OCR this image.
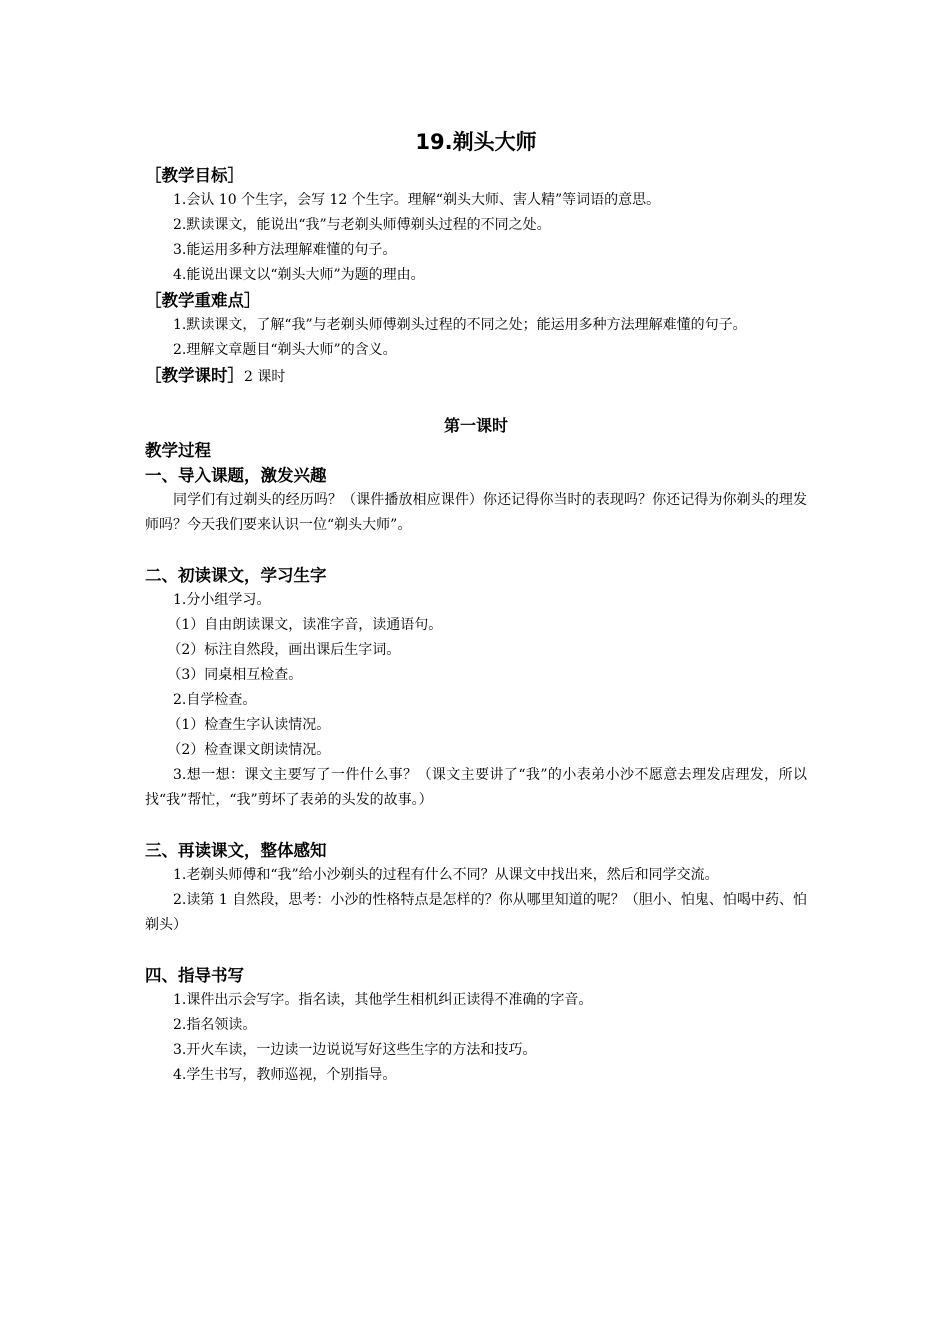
19.剃头大师
［教学目标］
1.会认 10 个生字，会写 12 个生字。理解“剃头大师、害人精”等词语的意思。
2.默读课文，能说出“我”与老剃头师傅剃头过程的不同之处。
3.能运用多种方法理解难懂的句子。
4.能说出课文以“剃头大师”为题的理由。
［教学重难点］
1.默读课文，了解“我”与老剃头师傅剃头过程的不同之处；能运用多种方法理解难懂的句子。
2.理解文章题目“剃头大师”的含义。
［教学课时］2 课时
第一课时
教学过程
一、导入课题，激发兴趣
同学们有过剃头的经历吗？（课件播放相应课件）你还记得你当时的表现吗？你还记得为你剃头的理发师吗？今天我们要来认识一位“剃头大师”。
二、初读课文，学习生字
1.分小组学习。
（1）自由朗读课文，读准字音，读通语句。
（2）标注自然段，画出课后生字词。
（3）同桌相互检查。
2.自学检查。
（1）检查生字认读情况。
（2）检查课文朗读情况。
3.想一想：课文主要写了一件什么事？（课文主要讲了“我”的小表弟小沙不愿意去理发店理发，所以找“我”帮忙，“我”剪坏了表弟的头发的故事。）
三、再读课文，整体感知
1.老剃头师傅和“我”给小沙剃头的过程有什么不同？从课文中找出来，然后和同学交流。
2.读第 1 自然段，思考：小沙的性格特点是怎样的？你从哪里知道的呢？（胆小、怕鬼、怕喝中药、怕剃头）
四、指导书写
1.课件出示会写字。指名读，其他学生相机纠正读得不准确的字音。
2.指名领读。
3.开火车读，一边读一边说说写好这些生字的方法和技巧。
4.学生书写，教师巡视，个别指导。
